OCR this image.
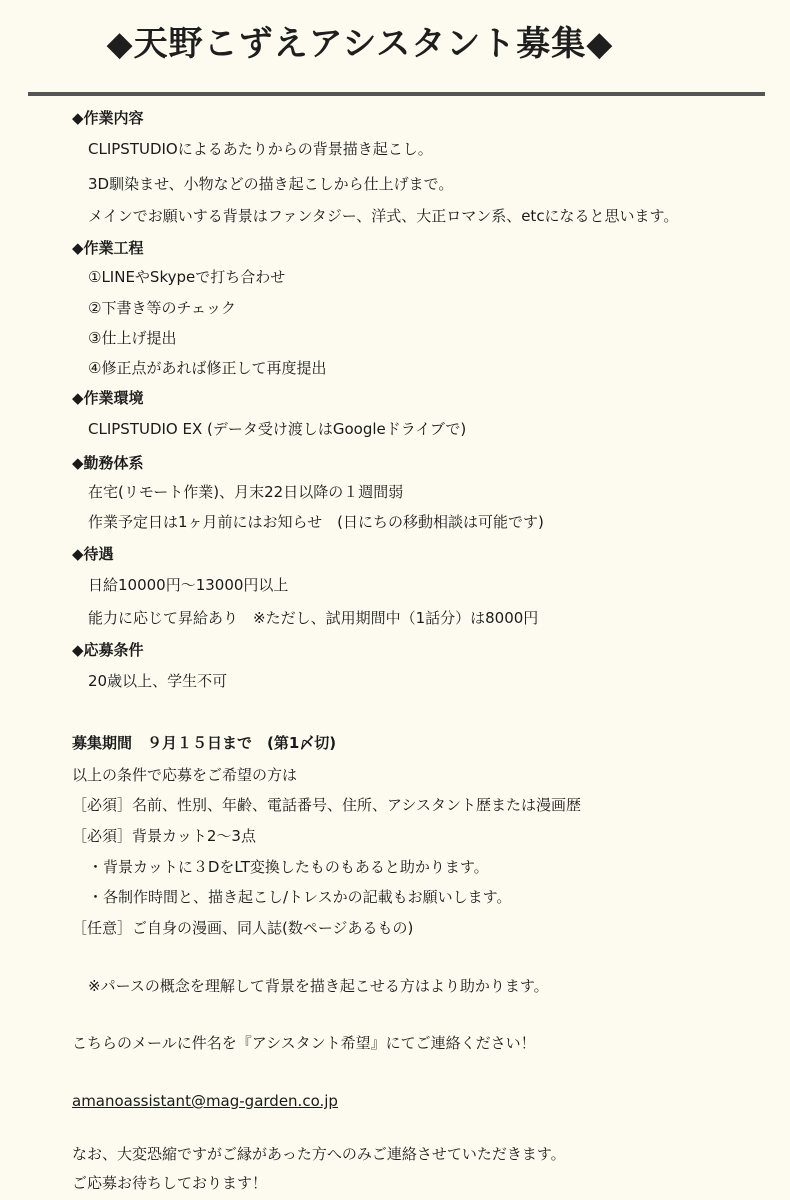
◆天野こずえアシスタント募集◆
◆作業内容
CLIPSTUDIOによるあたりからの背景描き起こし。
3D馴染ませ、小物などの描き起こしから仕上げまで。
メインでお願いする背景はファンタジー、洋式、大正ロマン系、etcになると思います。
◆作業工程
①LINEやSkypeで打ち合わせ
②下書き等のチェック
③仕上げ提出
④修正点があれば修正して再度提出
◆作業環境
CLIPSTUDIO EX (データ受け渡しはGoogleドライブで)
◆勤務体系
在宅(リモート作業)、月末22日以降の１週間弱
作業予定日は1ヶ月前にはお知らせ　(日にちの移動相談は可能です)
◆待遇
日給10000円〜13000円以上
能力に応じて昇給あり　※ただし、試用期間中（1話分）は8000円
◆応募条件
20歳以上、学生不可
募集期間　９月１５日まで　(第1〆切)
以上の条件で応募をご希望の方は
［必須］名前、性別、年齢、電話番号、住所、アシスタント歴または漫画歴
［必須］背景カット2〜3点
・背景カットに３DをLT変換したものもあると助かります。
・各制作時間と、描き起こし/トレスかの記載もお願いします。
［任意］ご自身の漫画、同人誌(数ページあるもの)
※パースの概念を理解して背景を描き起こせる方はより助かります。
こちらのメールに件名を『アシスタント希望』にてご連絡ください！
amanoassistant@mag-garden.co.jp
なお、大変恐縮ですがご縁があった方へのみご連絡させていただきます。
ご応募お待ちしております！
